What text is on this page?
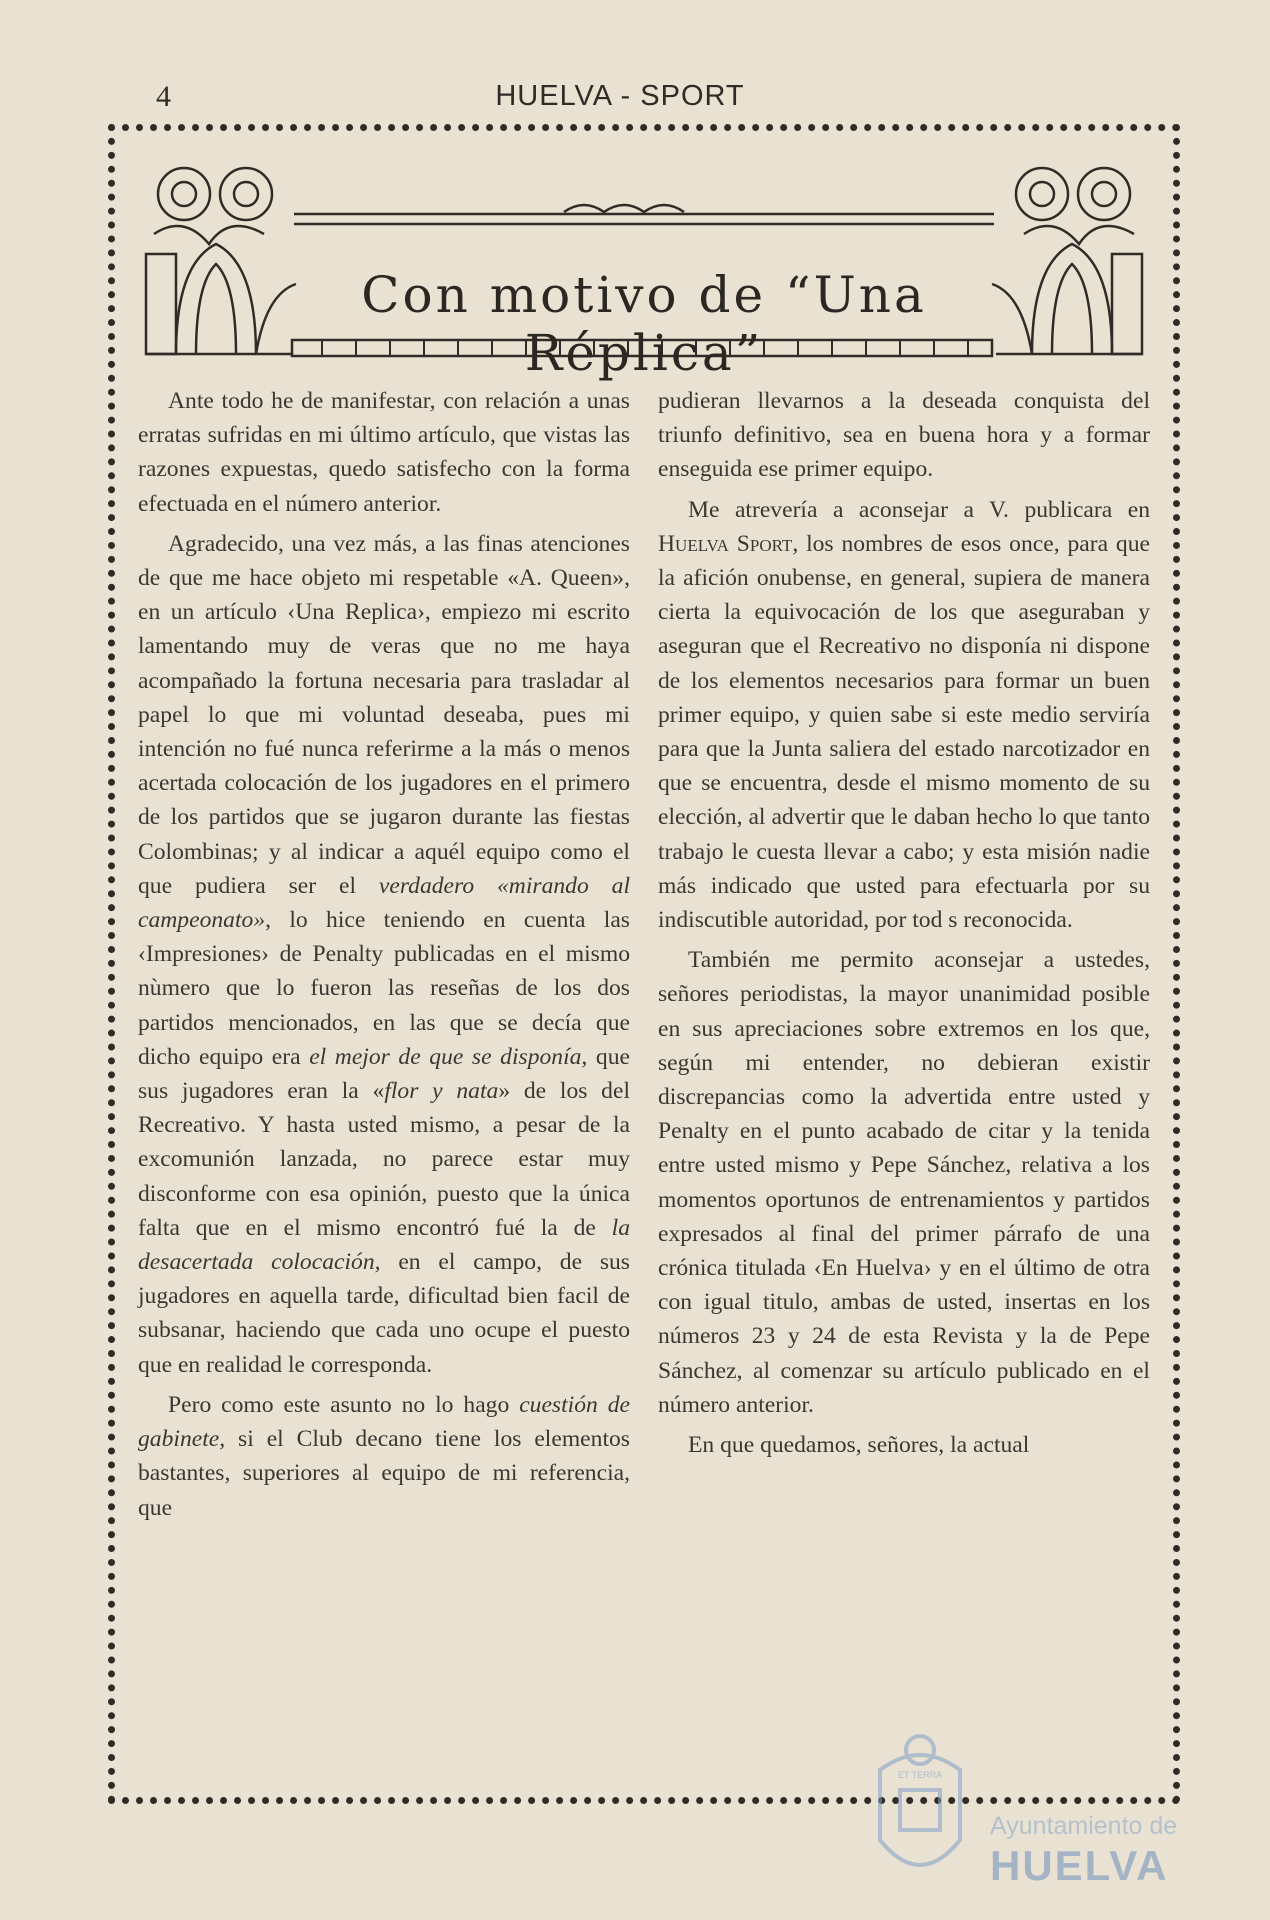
4	HUELVA - SPORT
Con motivo de “Una Réplica”

Ante todo he de manifestar, con relación a unas erratas sufridas en mi último artículo, que vistas las razones expuestas, quedo satisfecho con la forma efectuada en el número anterior.

Agradecido, una vez más, a las finas atenciones de que me hace objeto mi respetable «A. Queen», en un artículo ‹Una Replica›, empiezo mi escrito lamentando muy de veras que no me haya acompañado la fortuna necesaria para trasladar al papel lo que mi voluntad deseaba, pues mi intención no fué nunca referirme a la más o menos acertada colocación de los jugadores en el primero de los partidos que se jugaron durante las fiestas Colombinas; y al indicar a aquél equipo como el que pudiera ser el verdadero «mirando al campeonato», lo hice teniendo en cuenta las ‹Impresiones› de Penalty publicadas en el mismo nùmero que lo fueron las reseñas de los dos partidos mencionados, en las que se decía que dicho equipo era el mejor de que se disponía, que sus jugadores eran la «flor y nata» de los del Recreativo. Y hasta usted mismo, a pesar de la excomunión lanzada, no parece estar muy disconforme con esa opinión, puesto que la única falta que en el mismo encontró fué la de la desacertada colocación, en el campo, de sus jugadores en aquella tarde, dificultad bien facil de subsanar, haciendo que cada uno ocupe el puesto que en realidad le corresponda.

Pero como este asunto no lo hago cuestión de gabinete, si el Club decano tiene los elementos bastantes, superiores al equipo de mi referencia, que

pudieran llevarnos a la deseada conquista del triunfo definitivo, sea en buena hora y a formar enseguida ese primer equipo.

Me atrevería a aconsejar a V. publicara en Huelva Sport, los nombres de esos once, para que la afición onubense, en general, supiera de manera cierta la equivocación de los que aseguraban y aseguran que el Recreativo no disponía ni dispone de los elementos necesarios para formar un buen primer equipo, y quien sabe si este medio serviría para que la Junta saliera del estado narcotizador en que se encuentra, desde el mismo momento de su elección, al advertir que le daban hecho lo que tanto trabajo le cuesta llevar a cabo; y esta misión nadie más indicado que usted para efectuarla por su indiscutible autoridad, por tod s reconocida.

También me permito aconsejar a ustedes, señores periodistas, la mayor unanimidad posible en sus apreciaciones sobre extremos en los que, según mi entender, no debieran existir discrepancias como la advertida entre usted y Penalty en el punto acabado de citar y la tenida entre usted mismo y Pepe Sánchez, relativa a los momentos oportunos de entrenamientos y partidos expresados al final del primer párrafo de una crónica titulada ‹En Huelva› y en el último de otra con igual titulo, ambas de usted, insertas en los números 23 y 24 de esta Revista y la de Pepe Sánchez, al comenzar su artículo publicado en el número anterior.

En que quedamos, señores, la actual

ET TERRA
Ayuntamiento de
HUELVA
